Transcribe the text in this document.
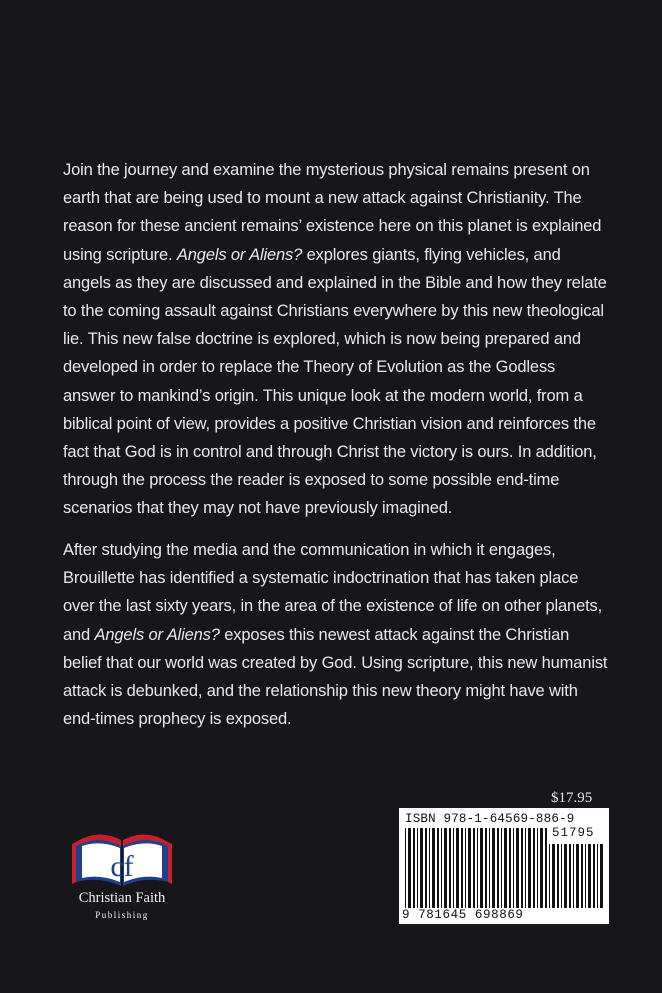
Join the journey and examine the mysterious physical remains present on earth that are being used to mount a new attack against Christianity. The reason for these ancient remains’ existence here on this planet is explained using scripture. Angels or Aliens? explores giants, flying vehicles, and angels as they are discussed and explained in the Bible and how they relate to the coming assault against Christians everywhere by this new theological lie. This new false doctrine is explored, which is now being prepared and developed in order to replace the Theory of Evolution as the Godless answer to mankind’s origin. This unique look at the modern world, from a biblical point of view, provides a positive Christian vision and reinforces the fact that God is in control and through Christ the victory is ours. In addition, through the process the reader is exposed to some possible end-time scenarios that they may not have previously imagined.
After studying the media and the communication in which it engages, Brouillette has identified a systematic indoctrination that has taken place over the last sixty years, in the area of the existence of life on other planets, and Angels or Aliens? exposes this newest attack against the Christian belief that our world was created by God. Using scripture, this new humanist attack is debunked, and the relationship this new theory might have with end-times prophecy is exposed.
$17.95
ISBN 978-1-64569-886-9
51795
9 781645 698869
cf
Christian Faith
Publishing
